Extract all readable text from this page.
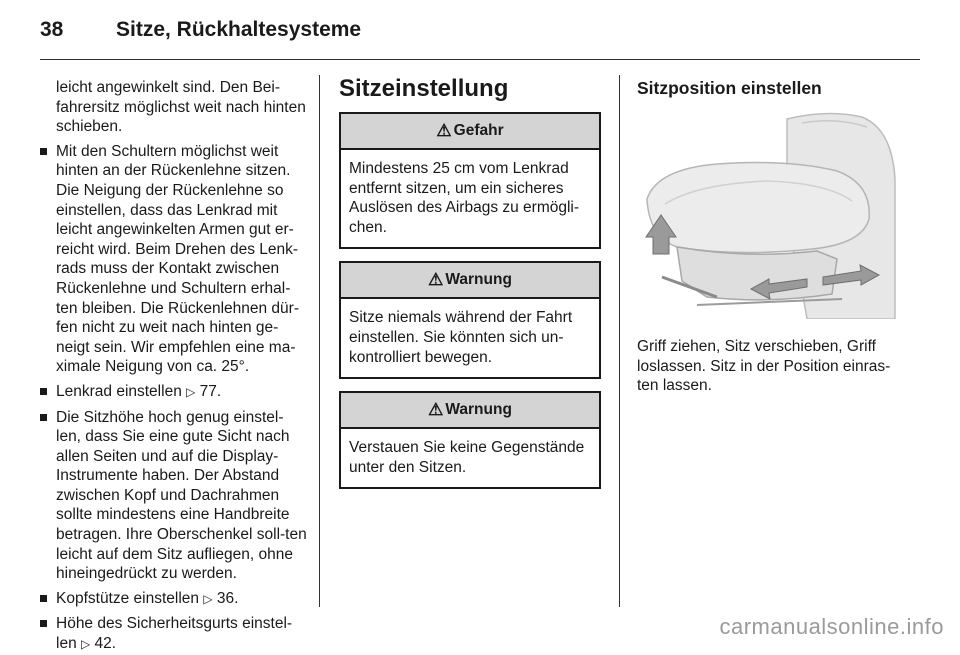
38	Sitze, Rückhaltesysteme

leicht angewinkelt sind. Den Bei-fahrersitz möglichst weit nach hinten schieben.

Mit den Schultern möglichst weit hinten an der Rückenlehne sitzen. Die Neigung der Rückenlehne so einstellen, dass das Lenkrad mit leicht angewinkelten Armen gut er-reicht wird. Beim Drehen des Lenk-rads muss der Kontakt zwischen Rückenlehne und Schultern erhal-ten bleiben. Die Rückenlehnen dür-fen nicht zu weit nach hinten ge-neigt sein. Wir empfehlen eine ma-ximale Neigung von ca. 25°.
Lenkrad einstellen ▷ 77.
Die Sitzhöhe hoch genug einstel-len, dass Sie eine gute Sicht nach allen Seiten und auf die Display-Instrumente haben. Der Abstand zwischen Kopf und Dachrahmen sollte mindestens eine Handbreite betragen. Ihre Oberschenkel soll-ten leicht auf dem Sitz aufliegen, ohne hineingedrückt zu werden.
Kopfstütze einstellen ▷ 36.
Höhe des Sicherheitsgurts einstel-len ▷ 42.
Sitzeinstellung
⚠ Gefahr
Mindestens 25 cm vom Lenkrad entfernt sitzen, um ein sicheres Auslösen des Airbags zu ermögli-chen.
⚠ Warnung
Sitze niemals während der Fahrt einstellen. Sie könnten sich un-kontrolliert bewegen.
⚠ Warnung
Verstauen Sie keine Gegenstände unter den Sitzen.
Sitzposition einstellen
Griff ziehen, Sitz verschieben, Griff loslassen. Sitz in der Position einras-ten lassen.
carmanualsonline.info
